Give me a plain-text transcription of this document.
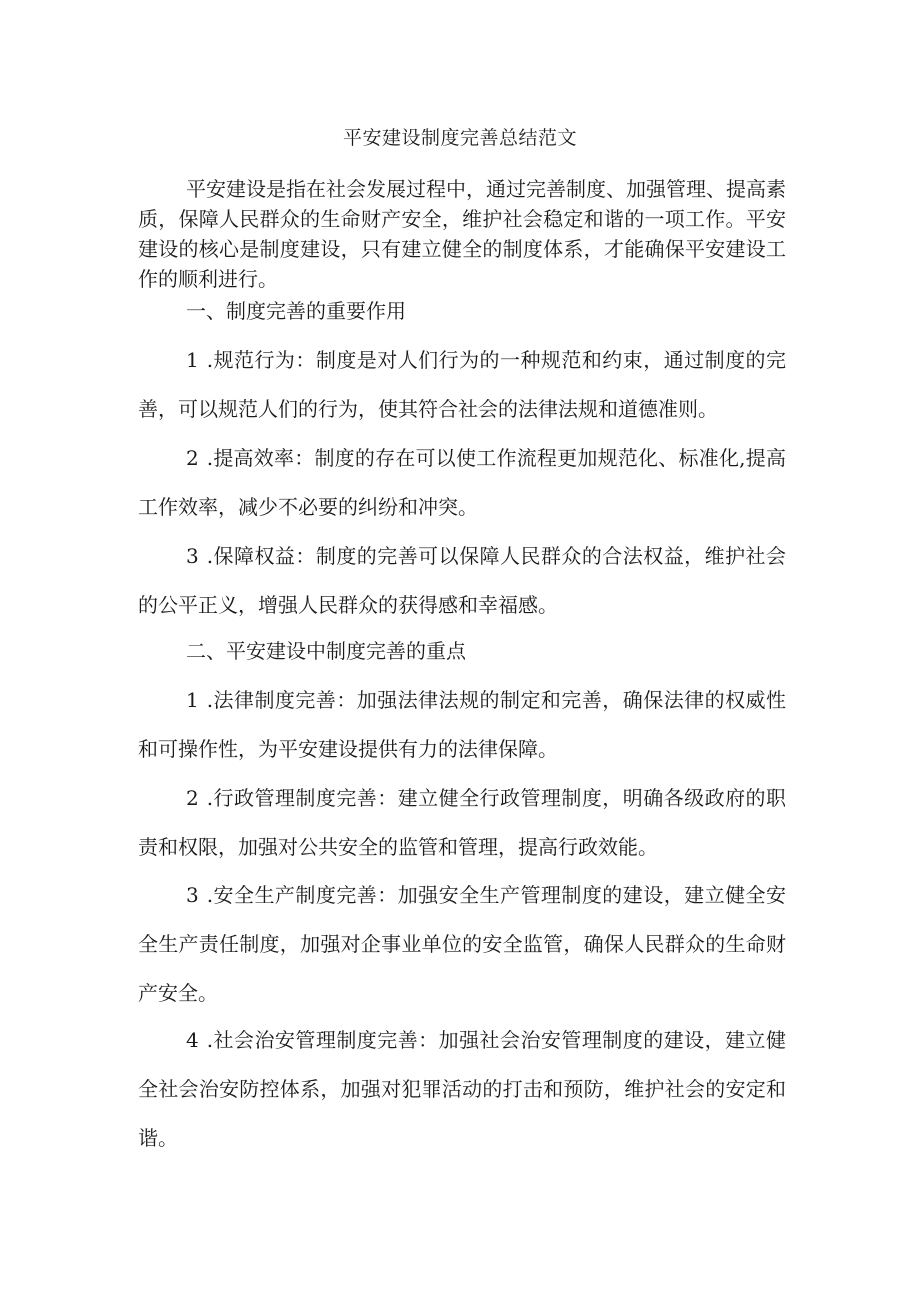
平安建设制度完善总结范文

平安建设是指在社会发展过程中，通过完善制度、加强管理、提高素质，保障人民群众的生命财产安全，维护社会稳定和谐的一项工作。平安建设的核心是制度建设，只有建立健全的制度体系，才能确保平安建设工作的顺利进行。

一、制度完善的重要作用

1 .规范行为：制度是对人们行为的一种规范和约束，通过制度的完善，可以规范人们的行为，使其符合社会的法律法规和道德准则。

2 .提高效率：制度的存在可以使工作流程更加规范化、标准化,提高工作效率，减少不必要的纠纷和冲突。

3 .保障权益：制度的完善可以保障人民群众的合法权益，维护社会的公平正义，增强人民群众的获得感和幸福感。

二、平安建设中制度完善的重点

1 .法律制度完善：加强法律法规的制定和完善，确保法律的权威性和可操作性，为平安建设提供有力的法律保障。

2 .行政管理制度完善：建立健全行政管理制度，明确各级政府的职责和权限，加强对公共安全的监管和管理，提高行政效能。

3 .安全生产制度完善：加强安全生产管理制度的建设，建立健全安全生产责任制度，加强对企事业单位的安全监管，确保人民群众的生命财产安全。

4 .社会治安管理制度完善：加强社会治安管理制度的建设，建立健全社会治安防控体系，加强对犯罪活动的打击和预防，维护社会的安定和谐。
